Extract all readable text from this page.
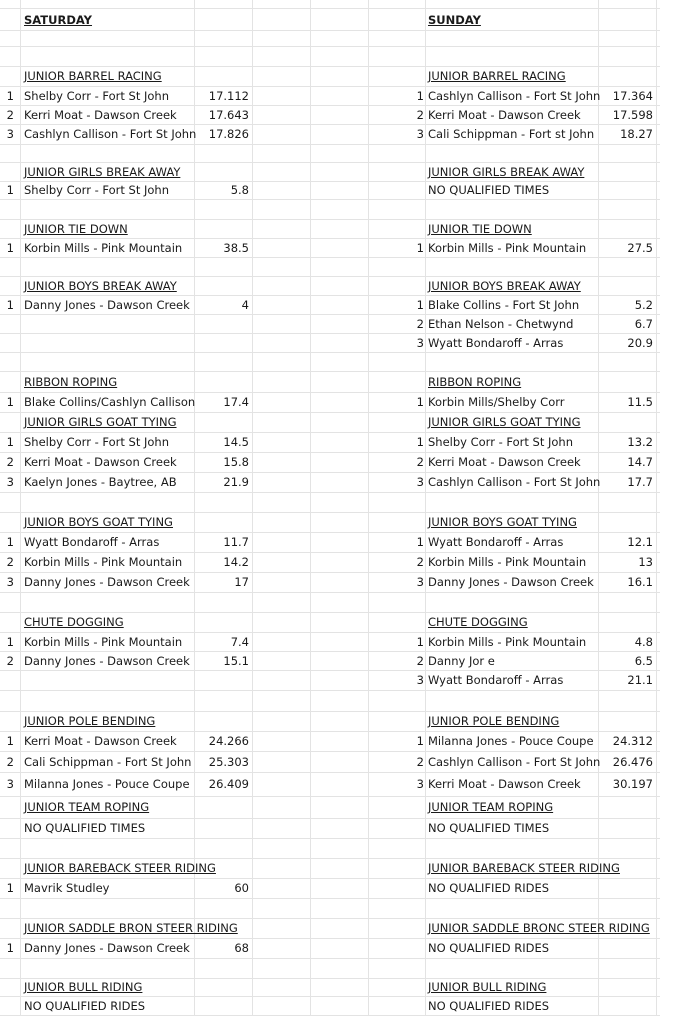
SATURDAY	SUNDAY
JUNIOR BARREL RACING
1 Shelby Corr - Fort St John	17.112
2 Kerri Moat - Dawson Creek	17.643
3 Cashlyn Callison - Fort St John	17.826
JUNIOR GIRLS BREAK AWAY
1 Shelby Corr - Fort St John	5.8
JUNIOR TIE DOWN
1 Korbin Mills - Pink Mountain	38.5
JUNIOR BOYS BREAK AWAY
1 Danny Jones - Dawson Creek	4
RIBBON ROPING
1 Blake Collins/Cashlyn Callison	17.4
JUNIOR GIRLS GOAT TYING
1 Shelby Corr - Fort St John	14.5
2 Kerri Moat - Dawson Creek	15.8
3 Kaelyn Jones - Baytree, AB	21.9
JUNIOR BOYS GOAT TYING
1 Wyatt Bondaroff - Arras	11.7
2 Korbin Mills - Pink Mountain	14.2
3 Danny Jones - Dawson Creek	17
CHUTE DOGGING
1 Korbin Mills - Pink Mountain	7.4
2 Danny Jones - Dawson Creek	15.1
JUNIOR POLE BENDING
1 Kerri Moat - Dawson Creek	24.266
2 Cali Schippman - Fort St John	25.303
3 Milanna Jones - Pouce Coupe	26.409
JUNIOR TEAM ROPING
NO QUALIFIED TIMES
JUNIOR BAREBACK STEER RIDING
1 Mavrik Studley	60
JUNIOR SADDLE BRON STEER RIDING
1 Danny Jones - Dawson Creek	68
JUNIOR BULL RIDING
NO QUALIFIED RIDES
JUNIOR BARREL RACING
1 Cashlyn Callison - Fort St John	17.364
2 Kerri Moat - Dawson Creek	17.598
3 Cali Schippman - Fort st John	18.27
JUNIOR GIRLS BREAK AWAY
NO QUALIFIED TIMES
JUNIOR TIE DOWN
1 Korbin Mills - Pink Mountain	27.5
JUNIOR BOYS BREAK AWAY
1 Blake Collins - Fort St John	5.2
2 Ethan Nelson - Chetwynd	6.7
3 Wyatt Bondaroff - Arras	20.9
RIBBON ROPING
1 Korbin Mills/Shelby Corr	11.5
JUNIOR GIRLS GOAT TYING
1 Shelby Corr - Fort St John	13.2
2 Kerri Moat - Dawson Creek	14.7
3 Cashlyn Callison - Fort St John	17.7
JUNIOR BOYS GOAT TYING
1 Wyatt Bondaroff - Arras	12.1
2 Korbin Mills - Pink Mountain	13
3 Danny Jones - Dawson Creek	16.1
CHUTE DOGGING
1 Korbin Mills - Pink Mountain	4.8
2 Danny Jor e	6.5
3 Wyatt Bondaroff - Arras	21.1
JUNIOR POLE BENDING
1 Milanna Jones - Pouce Coupe	24.312
2 Cashlyn Callison - Fort St John	26.476
3 Kerri Moat - Dawson Creek	30.197
JUNIOR TEAM ROPING
NO QUALIFIED TIMES
JUNIOR BAREBACK STEER RIDING
NO QUALIFIED RIDES
JUNIOR SADDLE BRONC STEER RIDING
NO QUALIFIED RIDES
JUNIOR BULL RIDING
NO QUALIFIED RIDES
